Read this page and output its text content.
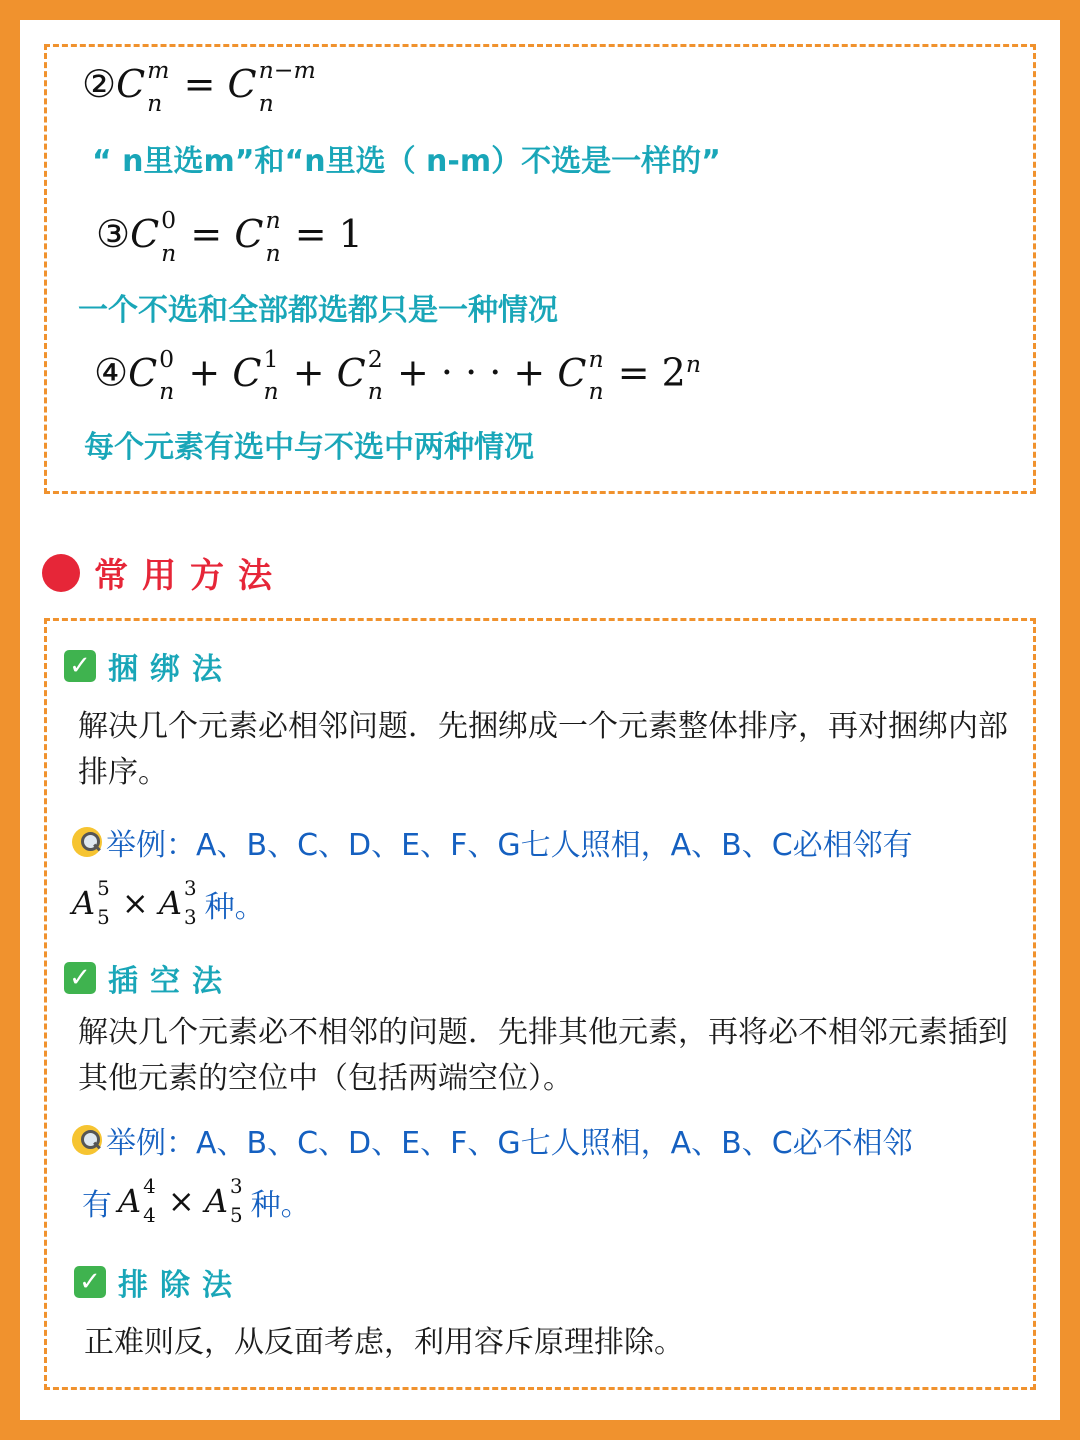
②C m
n = C n−m
n
“ n里选m”和“n里选（ n-m）不选是一样的”
③C 0
n = C n
n = 1
一个不选和全部都选都只是一种情况
④C 0
n + C 1
n + C 2
n + · · · + C n
$n = 2^n$
每个元素有选中与不选中两种情况
常用方法
✓ 捆绑法
解决几个元素必相邻问题．先捆绑成一个元素整体排序，再对捆绑内部排序。
举例：A、B、C、D、E、F、G七人照相，A、B、C必相邻有
A 5
5 × A 3
3 种。
✓ 插空法
解决几个元素必不相邻的问题．先排其他元素，再将必不相邻元素插到其他元素的空位中（包括两端空位）。
举例：A、B、C、D、E、F、G七人照相，A、B、C必不相邻
有 A 4
4 × A 3
5 种。
✓ 排除法
正难则反，从反面考虑，利用容斥原理排除。
